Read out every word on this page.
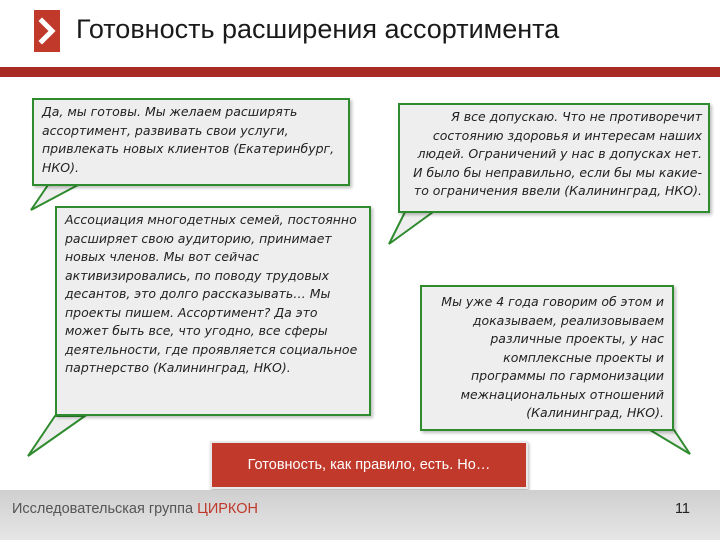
Готовность расширения ассортимента
Да, мы готовы. Мы желаем расширять ассортимент, развивать свои услуги, привлекать новых клиентов (Екатеринбург, НКО).
Я все допускаю. Что не противоречит состоянию здоровья и интересам наших людей. Ограничений у нас в допусках нет. И было бы неправильно, если бы мы какие-то ограничения ввели (Калининград, НКО).
Ассоциация многодетных семей, постоянно расширяет свою аудиторию, принимает новых членов. Мы вот сейчас активизировались, по поводу трудовых десантов, это долго рассказывать… Мы проекты пишем. Ассортимент? Да это может быть все, что угодно, все сферы деятельности, где проявляется социальное партнерство (Калининград, НКО).
Мы уже 4 года говорим об этом и доказываем, реализовываем различные проекты, у нас комплексные проекты и программы по гармонизации межнациональных отношений (Калининград, НКО).
Готовность, как правило, есть. Но…
Исследовательская группа ЦИРКОН	11
